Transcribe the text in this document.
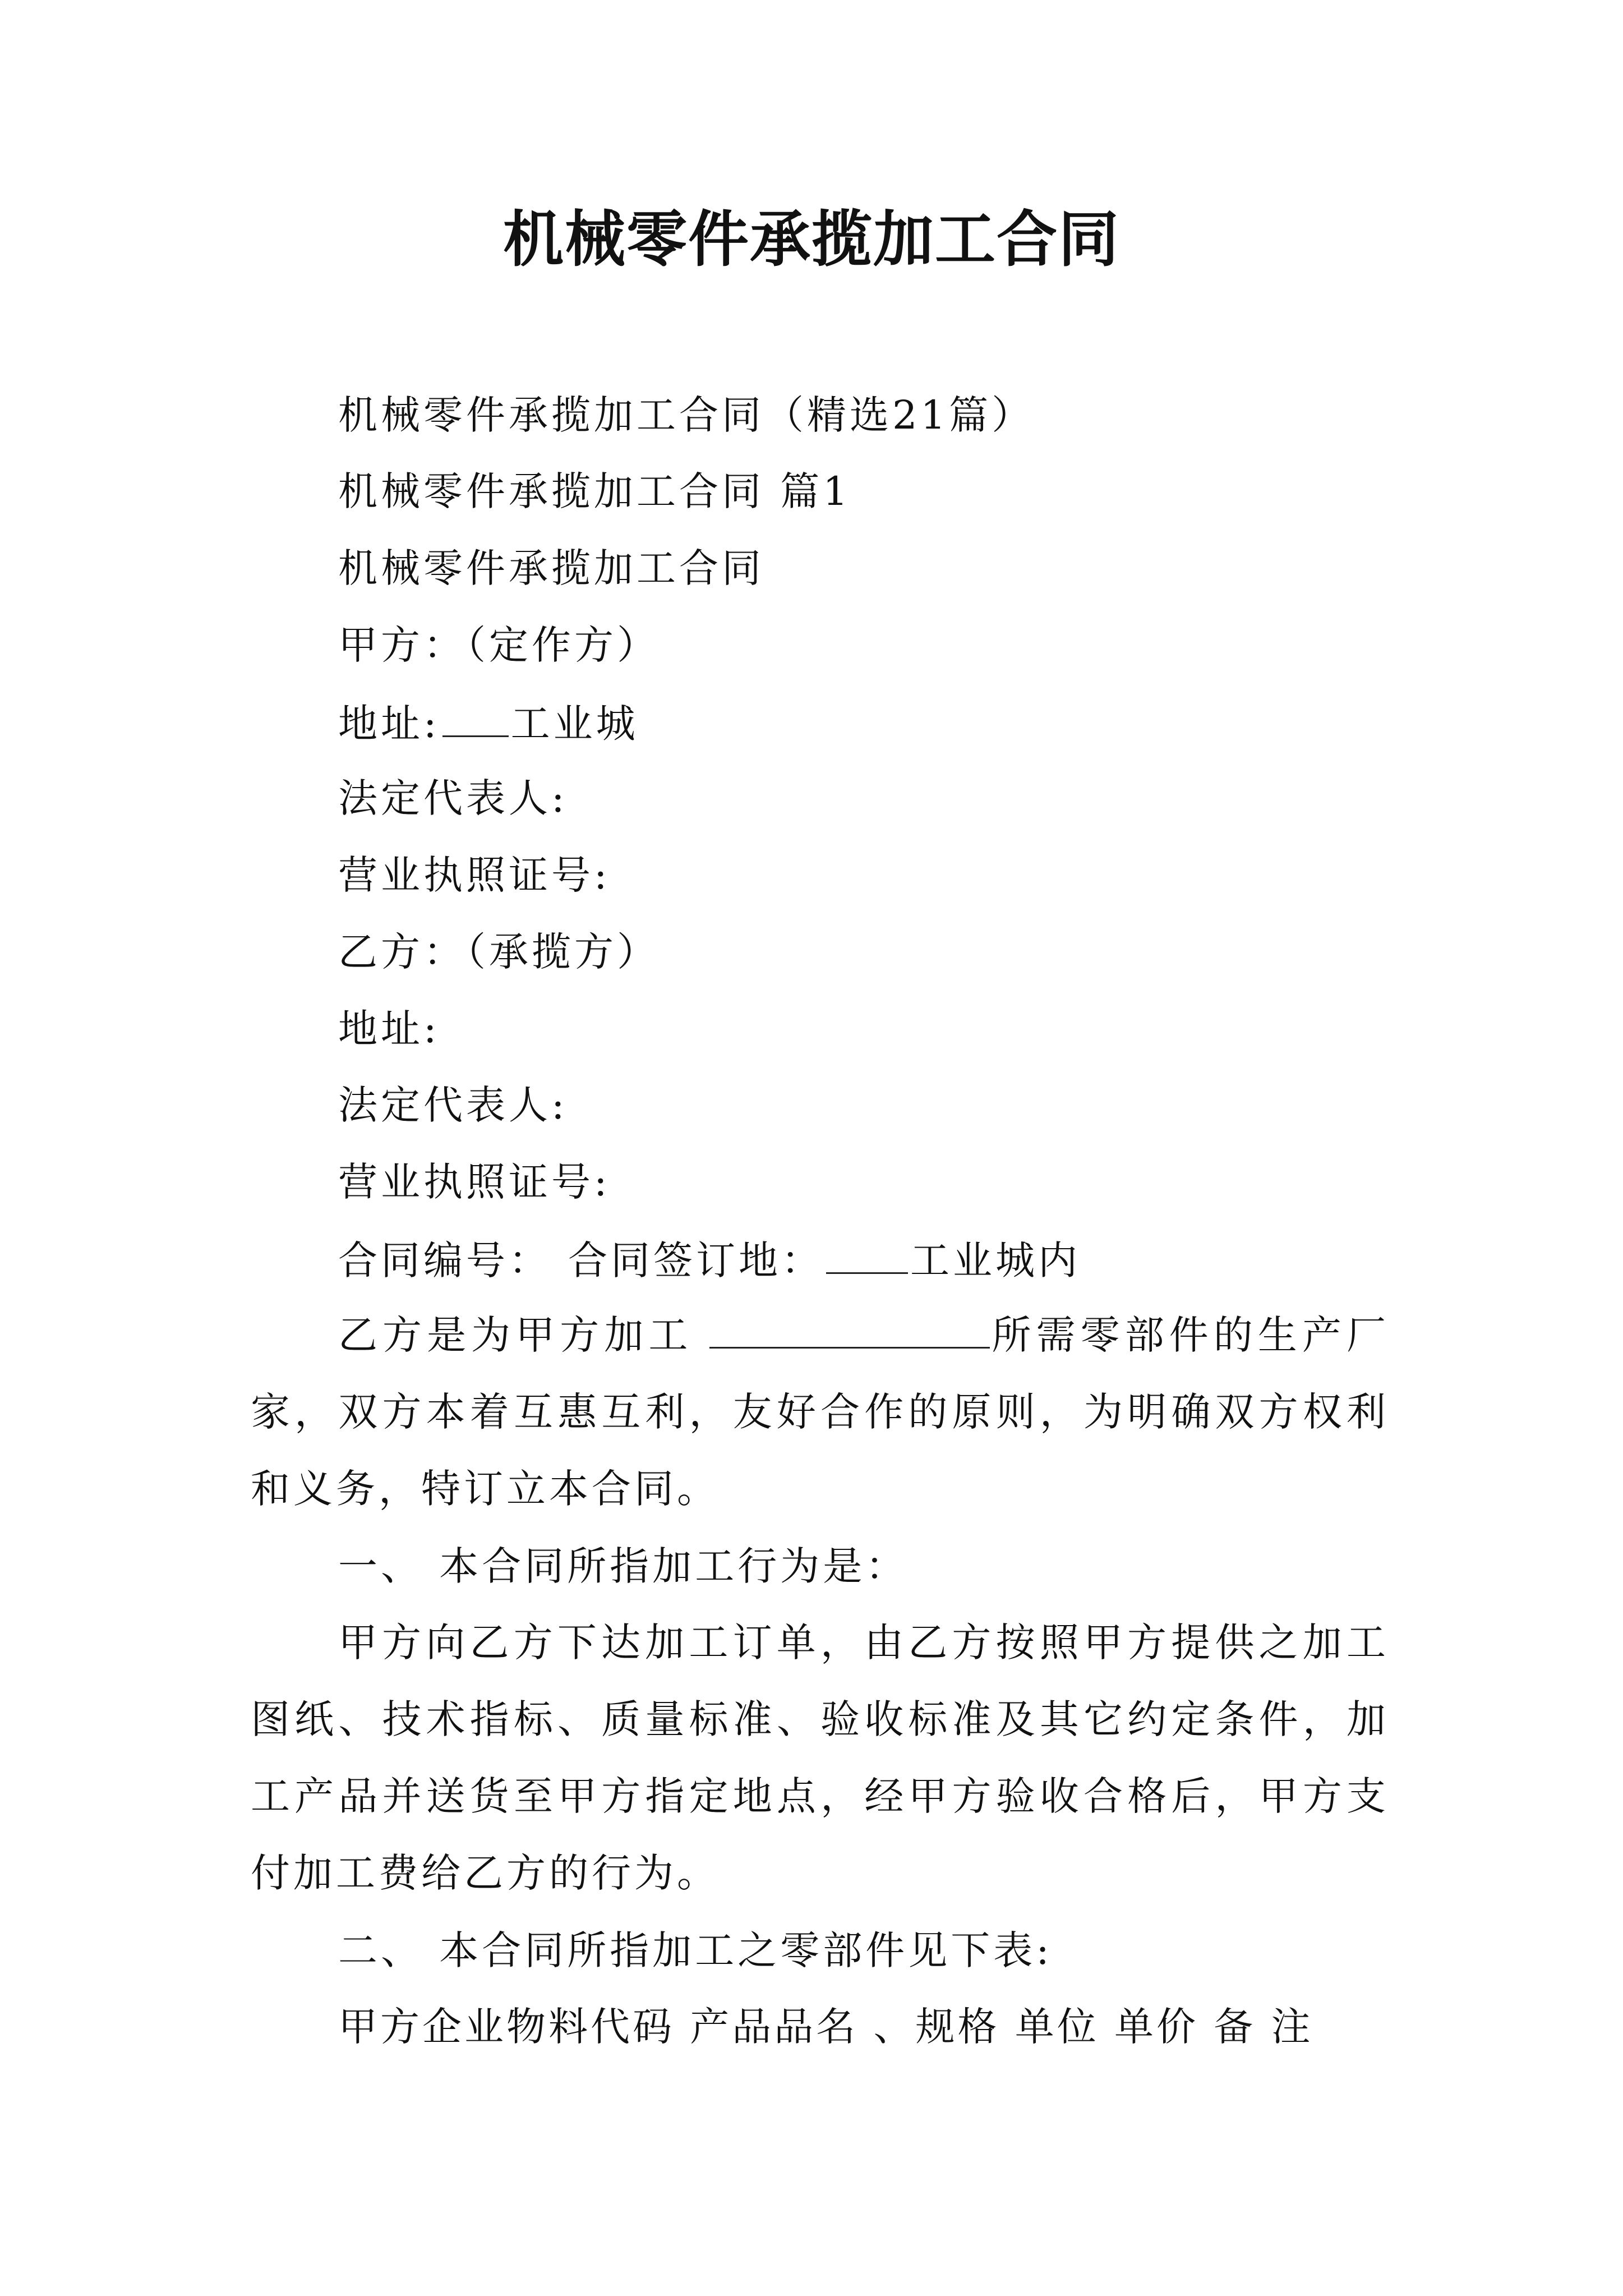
机械零件承揽加工合同
机械零件承揽加工合同（精选21篇）
机械零件承揽加工合同 篇1
机械零件承揽加工合同
甲方：（定作方）
地址: 工业城
法定代表人:
营业执照证号:
乙方：（承揽方）
地址:
法定代表人:
营业执照证号:
合同编号： 合同签订地： 工业城内
乙方是为甲方加工	所需零部件的生产厂家，双方本着互惠互利，友好合作的原则，为明确双方权利和义务，特订立本合同。
一、 本合同所指加工行为是：
甲方向乙方下达加工订单，由乙方按照甲方提供之加工图纸、技术指标、质量标准、验收标准及其它约定条件，加工产品并送货至甲方指定地点，经甲方验收合格后，甲方支付加工费给乙方的行为。
二、 本合同所指加工之零部件见下表:
甲方企业物料代码 产品品名 、规格 单位 单价 备 注
